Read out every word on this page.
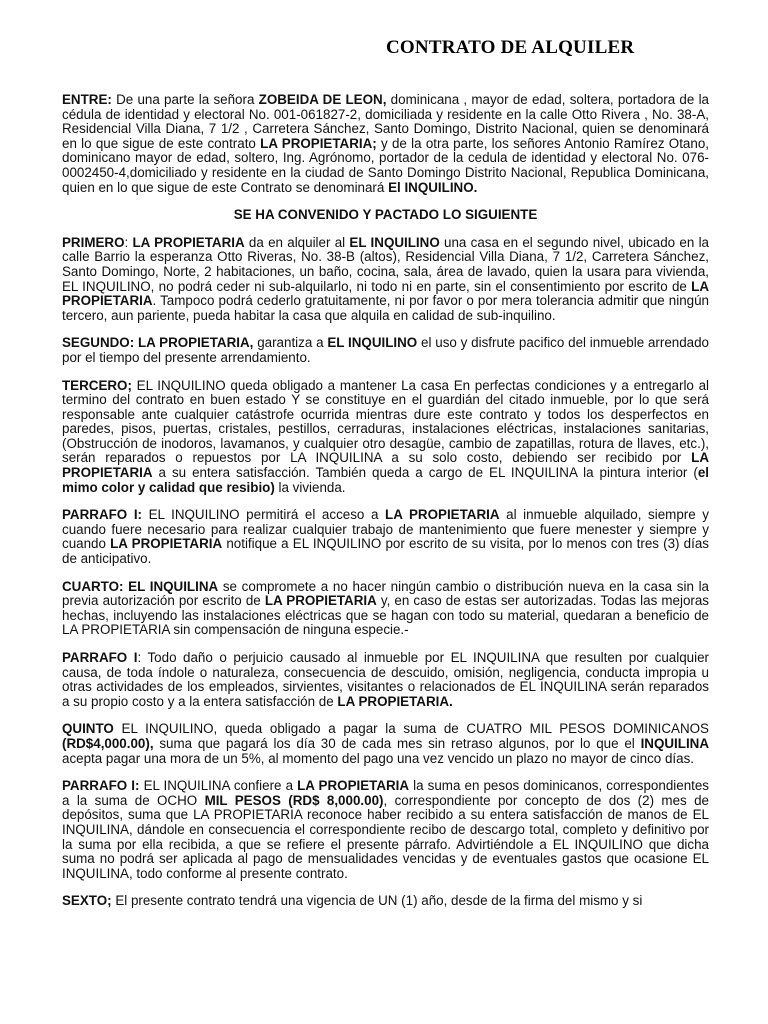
CONTRATO DE ALQUILER

ENTRE: De una parte la señora ZOBEIDA DE LEON, dominicana , mayor de edad, soltera, portadora de la cédula de identidad y electoral No. 001-061827-2, domiciliada y residente en la calle Otto Rivera , No. 38-A, Residencial Villa Diana, 7 1/2 , Carretera Sánchez, Santo Domingo, Distrito Nacional, quien se denominará en lo que sigue de este contrato LA PROPIETARIA; y de la otra parte, los señores Antonio Ramírez Otano, dominicano mayor de edad, soltero, Ing. Agrónomo, portador de la cedula de identidad y electoral No. 076-0002450-4,domiciliado y residente en la ciudad de Santo Domingo Distrito Nacional, Republica Dominicana, quien en lo que sigue de este Contrato se denominará El INQUILINO.

SE HA CONVENIDO Y PACTADO LO SIGUIENTE

PRIMERO: LA PROPIETARIA da en alquiler al EL INQUILINO una casa en el segundo nivel, ubicado en la calle Barrio la esperanza Otto Riveras, No. 38-B (altos), Residencial Villa Diana, 7 1/2, Carretera Sánchez, Santo Domingo, Norte, 2 habitaciones, un baño, cocina, sala, área de lavado, quien la usara para vivienda, EL INQUILINO, no podrá ceder ni sub-alquilarlo, ni todo ni en parte, sin el consentimiento por escrito de LA PROPIETARIA. Tampoco podrá cederlo gratuitamente, ni por favor o por mera tolerancia admitir que ningún tercero, aun pariente, pueda habitar la casa que alquila en calidad de sub-inquilino.

SEGUNDO: LA PROPIETARIA, garantiza a EL INQUILINO el uso y disfrute pacifico del inmueble arrendado por el tiempo del presente arrendamiento.

TERCERO; EL INQUILINO queda obligado a mantener La casa En perfectas condiciones y a entregarlo al termino del contrato en buen estado Y se constituye en el guardián del citado inmueble, por lo que será responsable ante cualquier catástrofe ocurrida mientras dure este contrato y todos los desperfectos en paredes, pisos, puertas, cristales, pestillos, cerraduras, instalaciones eléctricas, instalaciones sanitarias, (Obstrucción de inodoros, lavamanos, y cualquier otro desagüe, cambio de zapatillas, rotura de llaves, etc.), serán reparados o repuestos por LA INQUILINA a su solo costo, debiendo ser recibido por LA PROPIETARIA a su entera satisfacción. También queda a cargo de EL INQUILINA la pintura interior (el mimo color y calidad que resibio) la vivienda.

PARRAFO I: EL INQUILINO permitirá el acceso a LA PROPIETARIA al inmueble alquilado, siempre y cuando fuere necesario para realizar cualquier trabajo de mantenimiento que fuere menester y siempre y cuando LA PROPIETARIA notifique a EL INQUILINO por escrito de su visita, por lo menos con tres (3) días de anticipativo.

CUARTO: EL INQUILINA se compromete a no hacer ningún cambio o distribución nueva en la casa sin la previa autorización por escrito de LA PROPIETARIA y, en caso de estas ser autorizadas. Todas las mejoras hechas, incluyendo las instalaciones eléctricas que se hagan con todo su material, quedaran a beneficio de LA PROPIETARIA sin compensación de ninguna especie.-

PARRAFO I: Todo daño o perjuicio causado al inmueble por EL INQUILINA que resulten por cualquier causa, de toda índole o naturaleza, consecuencia de descuido, omisión, negligencia, conducta impropia u otras actividades de los empleados, sirvientes, visitantes o relacionados de EL INQUILINA serán reparados a su propio costo y a la entera satisfacción de LA PROPIETARIA.

QUINTO EL INQUILINO, queda obligado a pagar la suma de CUATRO MIL PESOS DOMINICANOS (RD$4,000.00), suma que pagará los día 30 de cada mes sin retraso algunos, por lo que el INQUILINA acepta pagar una mora de un 5%, al momento del pago una vez vencido un plazo no mayor de cinco días.

PARRAFO I: EL INQUILINA confiere a LA PROPIETARIA la suma en pesos dominicanos, correspondientes a la suma de OCHO MIL PESOS (RD$ 8,000.00), correspondiente por concepto de dos (2) mes de depósitos, suma que LA PROPIETARIA reconoce haber recibido a su entera satisfacción de manos de EL INQUILINA, dándole en consecuencia el correspondiente recibo de descargo total, completo y definitivo por la suma por ella recibida, a que se refiere el presente párrafo. Advirtiéndole a EL INQUILINO que dicha suma no podrá ser aplicada al pago de mensualidades vencidas y de eventuales gastos que ocasione EL INQUILINA, todo conforme al presente contrato.

SEXTO; El presente contrato tendrá una vigencia de UN (1) año, desde de la firma del mismo y si
